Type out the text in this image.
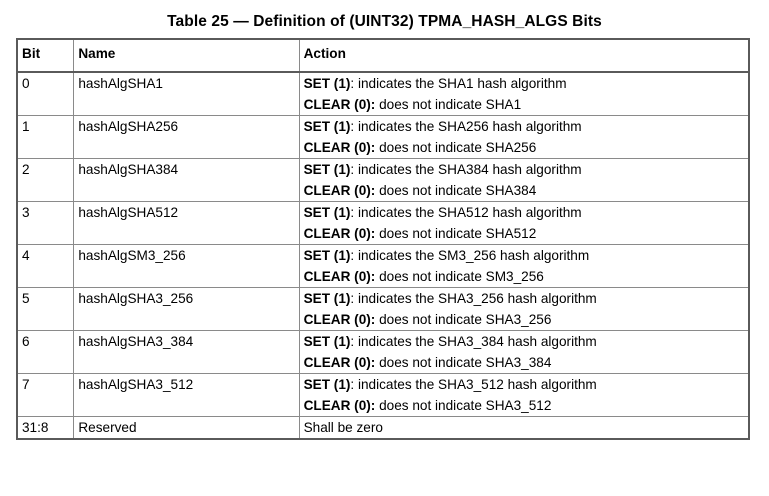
Table 25 — Definition of (UINT32) TPMA_HASH_ALGS Bits
Bit	Name	Action
0	hashAlgSHA1	SET (1): indicates the SHA1 hash algorithm
CLEAR (0): does not indicate SHA1

1	hashAlgSHA256	SET (1): indicates the SHA256 hash algorithm
CLEAR (0): does not indicate SHA256

2	hashAlgSHA384	SET (1): indicates the SHA384 hash algorithm
CLEAR (0): does not indicate SHA384

3	hashAlgSHA512	SET (1): indicates the SHA512 hash algorithm
CLEAR (0): does not indicate SHA512

4	hashAlgSM3_256	SET (1): indicates the SM3_256 hash algorithm
CLEAR (0): does not indicate SM3_256

5	hashAlgSHA3_256	SET (1): indicates the SHA3_256 hash algorithm
CLEAR (0): does not indicate SHA3_256

6	hashAlgSHA3_384	SET (1): indicates the SHA3_384 hash algorithm
CLEAR (0): does not indicate SHA3_384

7	hashAlgSHA3_512	SET (1): indicates the SHA3_512 hash algorithm
CLEAR (0): does not indicate SHA3_512

31:8	Reserved	Shall be zero
